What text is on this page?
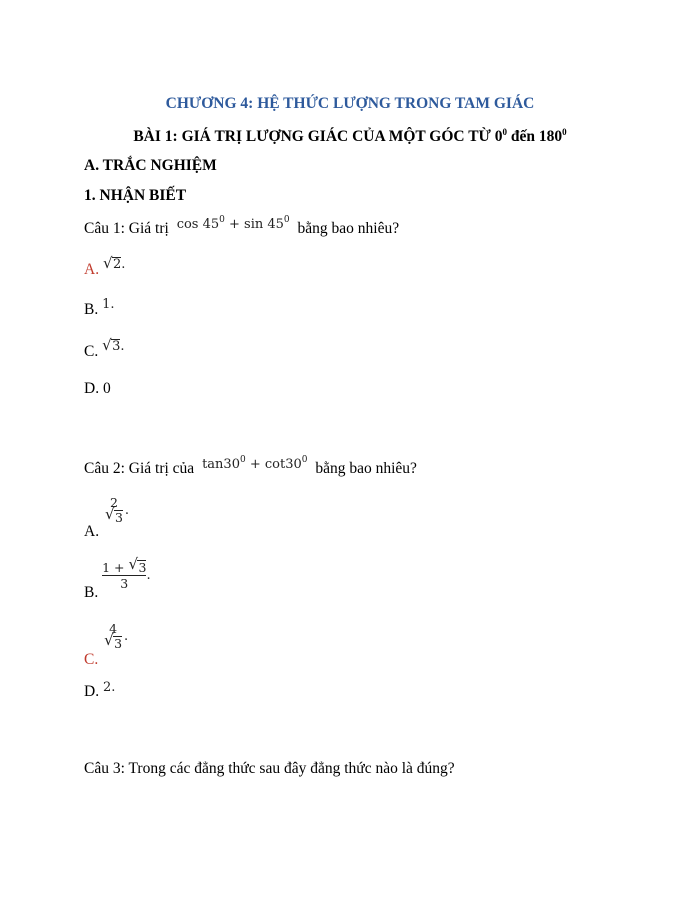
CHƯƠNG 4: HỆ THỨC LƯỢNG TRONG TAM GIÁC
BÀI 1: GIÁ TRỊ LƯỢNG GIÁC CỦA MỘT GÓC TỪ $0^0$ đến $180^0$
A. TRẮC NGHIỆM
1. NHẬN BIẾT
Câu 1: Giá trị $^{cos 45^0 + sin 45^0}$ bằng bao nhiêu?
A. √ 2.
B. $^{1.}$
C. √ 3.
D. 0
Câu 2: Giá trị của $^{tan30^0 + cot30^0}$ bằng bao nhiêu?
A.
2
√ 3 .
B.
$\frac{1 + √ 3}{3}$ .
C.
4
√ 3 .
D. $^{2.}$
Câu 3: Trong các đẳng thức sau đây đẳng thức nào là đúng?
